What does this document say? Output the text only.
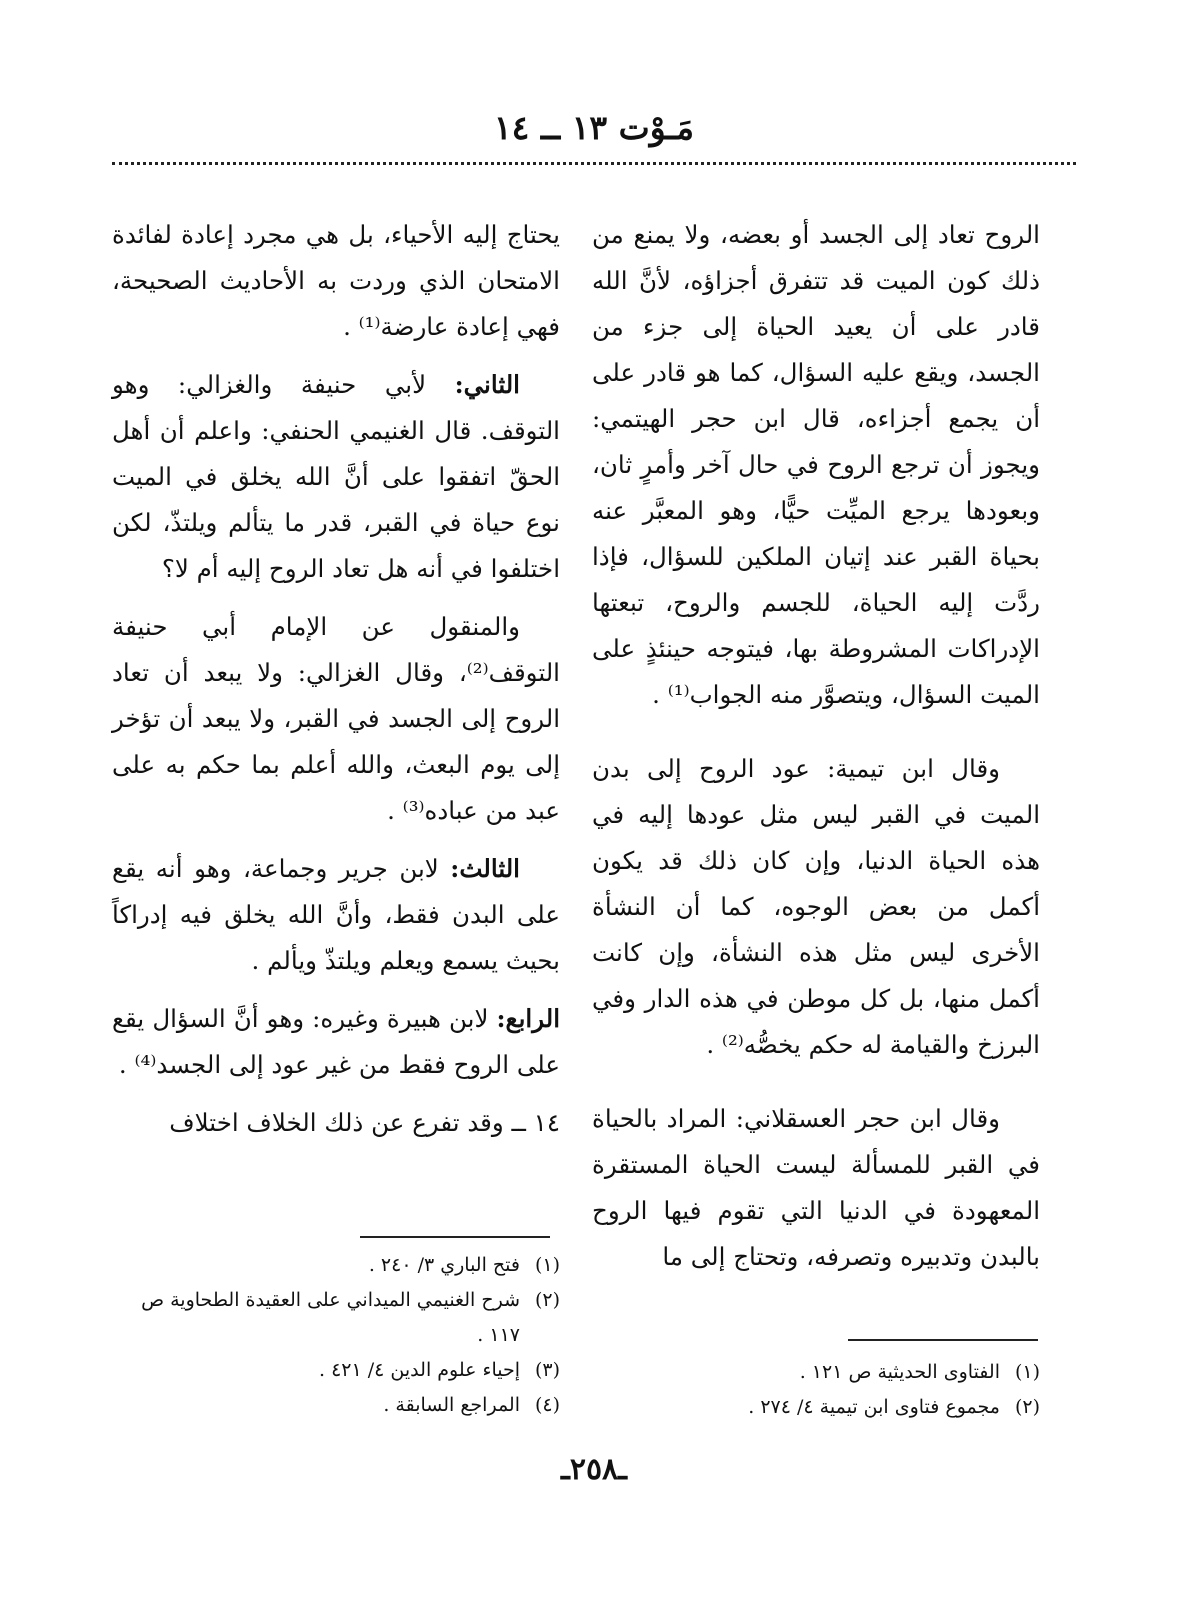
مَـوْت ١٣ ــ ١٤

الروح تعاد إلى الجسد أو بعضه، ولا يمنع من ذلك كون الميت قد تتفرق أجزاؤه، لأنَّ الله قادر على أن يعيد الحياة إلى جزء من الجسد، ويقع عليه السؤال، كما هو قادر على أن يجمع أجزاءه، قال ابن حجر الهيتمي: ويجوز أن ترجع الروح في حال آخر وأمرٍ ثان، وبعودها يرجع الميِّت حيًّا، وهو المعبَّر عنه بحياة القبر عند إتيان الملكين للسؤال، فإذا ردَّت إليه الحياة، للجسم والروح، تبعتها الإدراكات المشروطة بها، فيتوجه حينئذٍ على الميت السؤال، ويتصوَّر منه الجواب⁽¹⁾ .

وقال ابن تيمية: عود الروح إلى بدن الميت في القبر ليس مثل عودها إليه في هذه الحياة الدنيا، وإن كان ذلك قد يكون أكمل من بعض الوجوه، كما أن النشأة الأخرى ليس مثل هذه النشأة، وإن كانت أكمل منها، بل كل موطن في هذه الدار وفي البرزخ والقيامة له حكم يخصُّه⁽²⁾ .

وقال ابن حجر العسقلاني: المراد بالحياة في القبر للمسألة ليست الحياة المستقرة المعهودة في الدنيا التي تقوم فيها الروح بالبدن وتدبيره وتصرفه، وتحتاج إلى ما

يحتاج إليه الأحياء، بل هي مجرد إعادة لفائدة الامتحان الذي وردت به الأحاديث الصحيحة، فهي إعادة عارضة⁽¹⁾ .

الثاني: لأبي حنيفة والغزالي: وهو التوقف. قال الغنيمي الحنفي: واعلم أن أهل الحقّ اتفقوا على أنَّ الله يخلق في الميت نوع حياة في القبر، قدر ما يتألم ويلتذّ، لكن اختلفوا في أنه هل تعاد الروح إليه أم لا؟

والمنقول عن الإمام أبي حنيفة التوقف⁽²⁾، وقال الغزالي: ولا يبعد أن تعاد الروح إلى الجسد في القبر، ولا يبعد أن تؤخر إلى يوم البعث، والله أعلم بما حكم به على عبد من عباده⁽³⁾ .

الثالث: لابن جرير وجماعة، وهو أنه يقع على البدن فقط، وأنَّ الله يخلق فيه إدراكاً بحيث يسمع ويعلم ويلتذّ ويألم .

الرابع: لابن هبيرة وغيره: وهو أنَّ السؤال يقع على الروح فقط من غير عود إلى الجسد⁽⁴⁾ .

١٤ ــ وقد تفرع عن ذلك الخلاف اختلاف

(١)
الفتاوى الحديثية ص ١٢١ .
(٢)
مجموع فتاوى ابن تيمية ٤/ ٢٧٤ .
(١)
فتح الباري ٣/ ٢٤٠ .
(٢)
شرح الغنيمي الميداني على العقيدة الطحاوية ص ١١٧ .
(٣)
إحياء علوم الدين ٤/ ٤٢١ .
(٤)
المراجع السابقة .
ـ٢٥٨ـ
